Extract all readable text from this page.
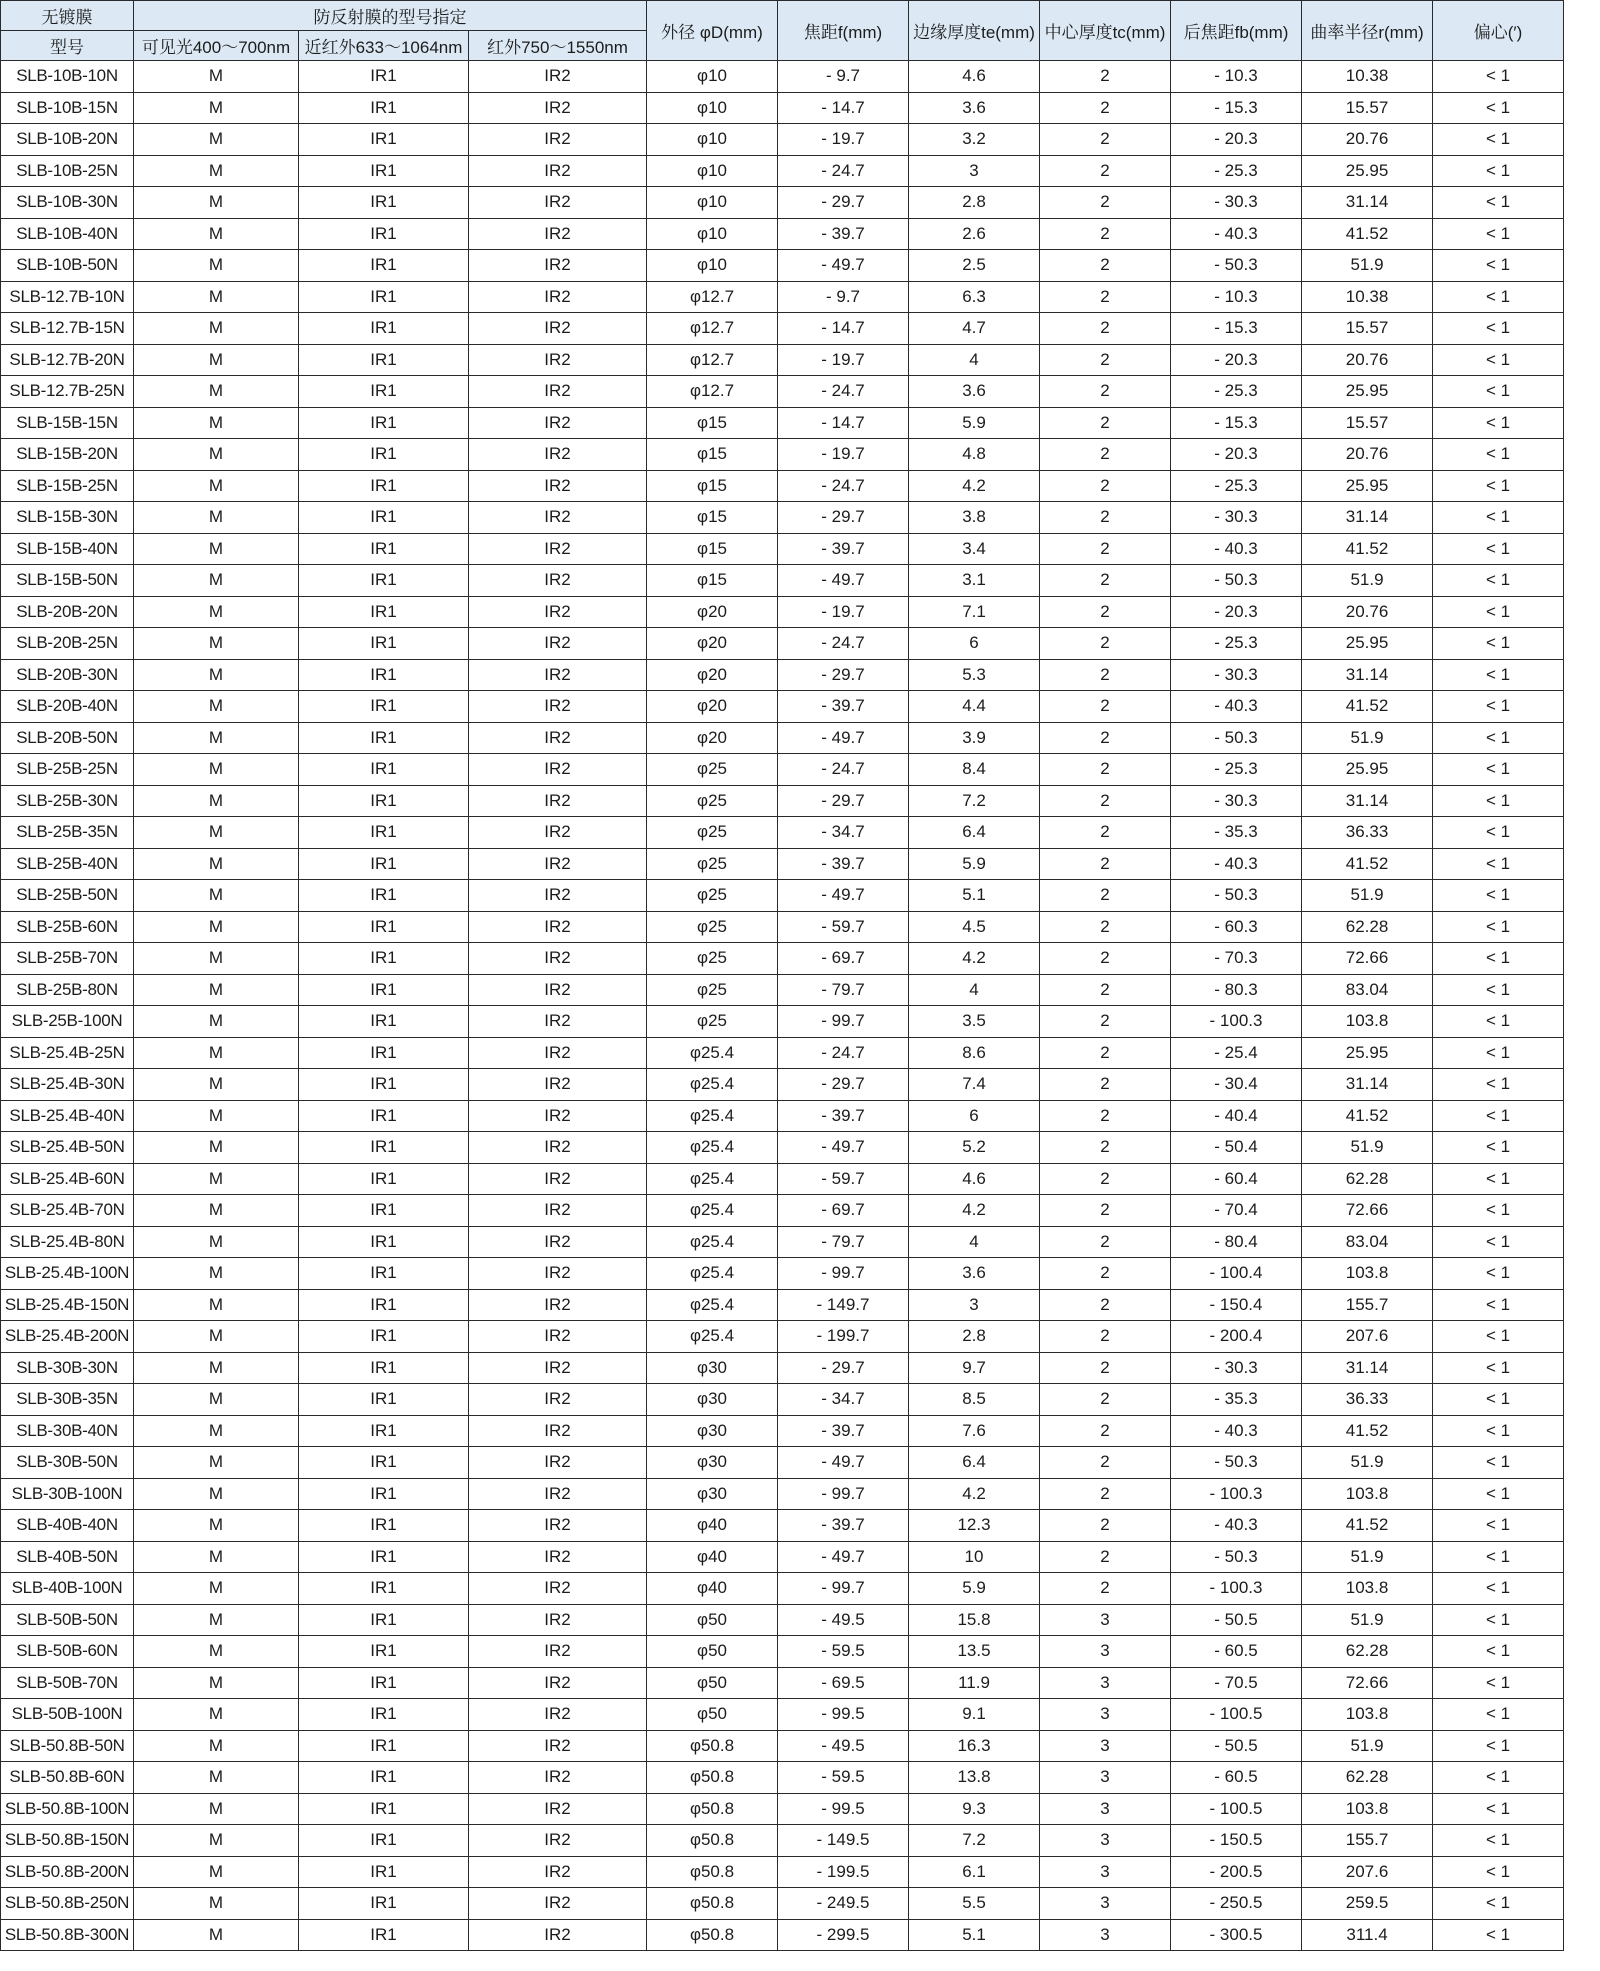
无镀膜	防反射膜的型号指定			外径 φD(mm)	焦距f(mm)	边缘厚度te(mm)	中心厚度tc(mm)	后焦距fb(mm)	曲率半径r(mm)	偏心(′)
型号	可见光400～700nm	近红外633～1064nm	红外750～1550nm							
SLB-10B-10N	M	IR1	IR2	φ10	- 9.7	4.6	2	- 10.3	10.38	< 1
SLB-10B-15N	M	IR1	IR2	φ10	- 14.7	3.6	2	- 15.3	15.57	< 1
SLB-10B-20N	M	IR1	IR2	φ10	- 19.7	3.2	2	- 20.3	20.76	< 1
SLB-10B-25N	M	IR1	IR2	φ10	- 24.7	3	2	- 25.3	25.95	< 1
SLB-10B-30N	M	IR1	IR2	φ10	- 29.7	2.8	2	- 30.3	31.14	< 1
SLB-10B-40N	M	IR1	IR2	φ10	- 39.7	2.6	2	- 40.3	41.52	< 1
SLB-10B-50N	M	IR1	IR2	φ10	- 49.7	2.5	2	- 50.3	51.9	< 1
SLB-12.7B-10N	M	IR1	IR2	φ12.7	- 9.7	6.3	2	- 10.3	10.38	< 1
SLB-12.7B-15N	M	IR1	IR2	φ12.7	- 14.7	4.7	2	- 15.3	15.57	< 1
SLB-12.7B-20N	M	IR1	IR2	φ12.7	- 19.7	4	2	- 20.3	20.76	< 1
SLB-12.7B-25N	M	IR1	IR2	φ12.7	- 24.7	3.6	2	- 25.3	25.95	< 1
SLB-15B-15N	M	IR1	IR2	φ15	- 14.7	5.9	2	- 15.3	15.57	< 1
SLB-15B-20N	M	IR1	IR2	φ15	- 19.7	4.8	2	- 20.3	20.76	< 1
SLB-15B-25N	M	IR1	IR2	φ15	- 24.7	4.2	2	- 25.3	25.95	< 1
SLB-15B-30N	M	IR1	IR2	φ15	- 29.7	3.8	2	- 30.3	31.14	< 1
SLB-15B-40N	M	IR1	IR2	φ15	- 39.7	3.4	2	- 40.3	41.52	< 1
SLB-15B-50N	M	IR1	IR2	φ15	- 49.7	3.1	2	- 50.3	51.9	< 1
SLB-20B-20N	M	IR1	IR2	φ20	- 19.7	7.1	2	- 20.3	20.76	< 1
SLB-20B-25N	M	IR1	IR2	φ20	- 24.7	6	2	- 25.3	25.95	< 1
SLB-20B-30N	M	IR1	IR2	φ20	- 29.7	5.3	2	- 30.3	31.14	< 1
SLB-20B-40N	M	IR1	IR2	φ20	- 39.7	4.4	2	- 40.3	41.52	< 1
SLB-20B-50N	M	IR1	IR2	φ20	- 49.7	3.9	2	- 50.3	51.9	< 1
SLB-25B-25N	M	IR1	IR2	φ25	- 24.7	8.4	2	- 25.3	25.95	< 1
SLB-25B-30N	M	IR1	IR2	φ25	- 29.7	7.2	2	- 30.3	31.14	< 1
SLB-25B-35N	M	IR1	IR2	φ25	- 34.7	6.4	2	- 35.3	36.33	< 1
SLB-25B-40N	M	IR1	IR2	φ25	- 39.7	5.9	2	- 40.3	41.52	< 1
SLB-25B-50N	M	IR1	IR2	φ25	- 49.7	5.1	2	- 50.3	51.9	< 1
SLB-25B-60N	M	IR1	IR2	φ25	- 59.7	4.5	2	- 60.3	62.28	< 1
SLB-25B-70N	M	IR1	IR2	φ25	- 69.7	4.2	2	- 70.3	72.66	< 1
SLB-25B-80N	M	IR1	IR2	φ25	- 79.7	4	2	- 80.3	83.04	< 1
SLB-25B-100N	M	IR1	IR2	φ25	- 99.7	3.5	2	- 100.3	103.8	< 1
SLB-25.4B-25N	M	IR1	IR2	φ25.4	- 24.7	8.6	2	- 25.4	25.95	< 1
SLB-25.4B-30N	M	IR1	IR2	φ25.4	- 29.7	7.4	2	- 30.4	31.14	< 1
SLB-25.4B-40N	M	IR1	IR2	φ25.4	- 39.7	6	2	- 40.4	41.52	< 1
SLB-25.4B-50N	M	IR1	IR2	φ25.4	- 49.7	5.2	2	- 50.4	51.9	< 1
SLB-25.4B-60N	M	IR1	IR2	φ25.4	- 59.7	4.6	2	- 60.4	62.28	< 1
SLB-25.4B-70N	M	IR1	IR2	φ25.4	- 69.7	4.2	2	- 70.4	72.66	< 1
SLB-25.4B-80N	M	IR1	IR2	φ25.4	- 79.7	4	2	- 80.4	83.04	< 1
SLB-25.4B-100N	M	IR1	IR2	φ25.4	- 99.7	3.6	2	- 100.4	103.8	< 1
SLB-25.4B-150N	M	IR1	IR2	φ25.4	- 149.7	3	2	- 150.4	155.7	< 1
SLB-25.4B-200N	M	IR1	IR2	φ25.4	- 199.7	2.8	2	- 200.4	207.6	< 1
SLB-30B-30N	M	IR1	IR2	φ30	- 29.7	9.7	2	- 30.3	31.14	< 1
SLB-30B-35N	M	IR1	IR2	φ30	- 34.7	8.5	2	- 35.3	36.33	< 1
SLB-30B-40N	M	IR1	IR2	φ30	- 39.7	7.6	2	- 40.3	41.52	< 1
SLB-30B-50N	M	IR1	IR2	φ30	- 49.7	6.4	2	- 50.3	51.9	< 1
SLB-30B-100N	M	IR1	IR2	φ30	- 99.7	4.2	2	- 100.3	103.8	< 1
SLB-40B-40N	M	IR1	IR2	φ40	- 39.7	12.3	2	- 40.3	41.52	< 1
SLB-40B-50N	M	IR1	IR2	φ40	- 49.7	10	2	- 50.3	51.9	< 1
SLB-40B-100N	M	IR1	IR2	φ40	- 99.7	5.9	2	- 100.3	103.8	< 1
SLB-50B-50N	M	IR1	IR2	φ50	- 49.5	15.8	3	- 50.5	51.9	< 1
SLB-50B-60N	M	IR1	IR2	φ50	- 59.5	13.5	3	- 60.5	62.28	< 1
SLB-50B-70N	M	IR1	IR2	φ50	- 69.5	11.9	3	- 70.5	72.66	< 1
SLB-50B-100N	M	IR1	IR2	φ50	- 99.5	9.1	3	- 100.5	103.8	< 1
SLB-50.8B-50N	M	IR1	IR2	φ50.8	- 49.5	16.3	3	- 50.5	51.9	< 1
SLB-50.8B-60N	M	IR1	IR2	φ50.8	- 59.5	13.8	3	- 60.5	62.28	< 1
SLB-50.8B-100N	M	IR1	IR2	φ50.8	- 99.5	9.3	3	- 100.5	103.8	< 1
SLB-50.8B-150N	M	IR1	IR2	φ50.8	- 149.5	7.2	3	- 150.5	155.7	< 1
SLB-50.8B-200N	M	IR1	IR2	φ50.8	- 199.5	6.1	3	- 200.5	207.6	< 1
SLB-50.8B-250N	M	IR1	IR2	φ50.8	- 249.5	5.5	3	- 250.5	259.5	< 1
SLB-50.8B-300N	M	IR1	IR2	φ50.8	- 299.5	5.1	3	- 300.5	311.4	< 1
